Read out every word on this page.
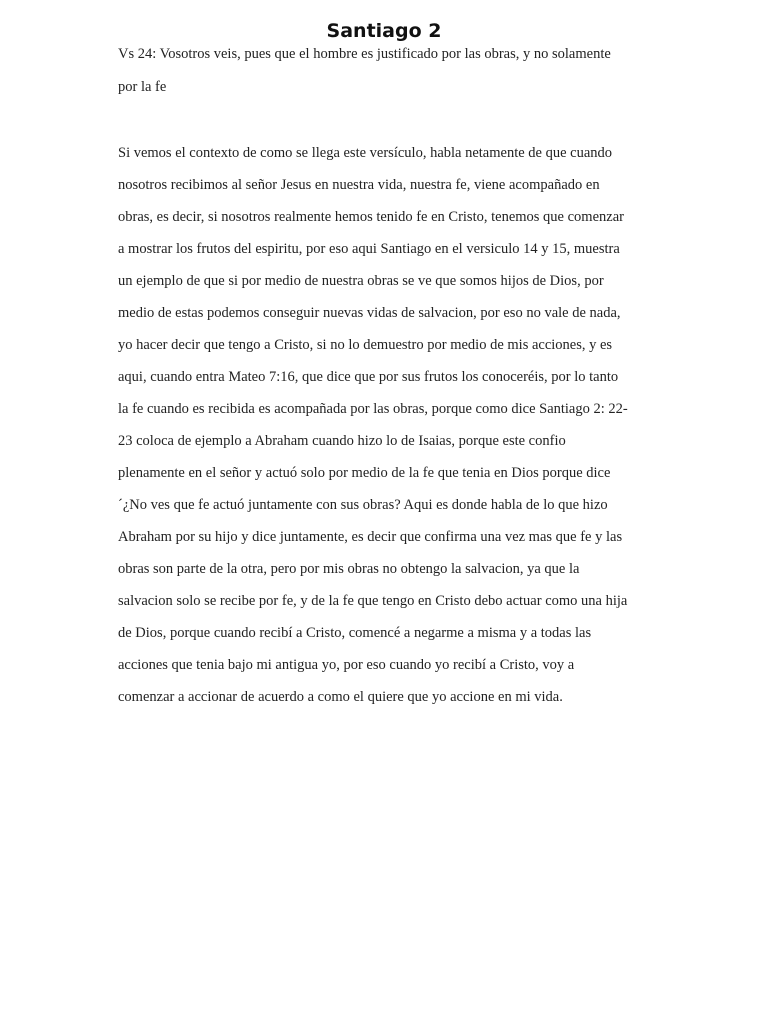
Santiago 2

Vs 24: Vosotros veis, pues que el hombre es justificado por las obras, y no solamente

por la fe

Si vemos el contexto de como se llega este versículo, habla netamente de que cuando

nosotros recibimos al señor Jesus en nuestra vida, nuestra fe, viene acompañado en

obras, es decir, si nosotros realmente hemos tenido fe en Cristo, tenemos que comenzar

a mostrar los frutos del espiritu, por eso aqui Santiago en el versiculo 14 y 15, muestra

un ejemplo de que si por medio de nuestra obras se ve que somos hijos de Dios, por

medio de estas podemos conseguir nuevas vidas de salvacion, por eso no vale de nada,

yo hacer decir que tengo a Cristo, si no lo demuestro por medio de mis acciones, y es

aqui, cuando entra Mateo 7:16, que dice que por sus frutos los conoceréis, por lo tanto

la fe cuando es recibida es acompañada por las obras, porque como dice Santiago 2: 22-

23 coloca de ejemplo a Abraham cuando hizo lo de Isaias, porque este confio

plenamente en el señor y actuó solo por medio de la fe que tenia en Dios porque dice

´¿No ves que fe actuó juntamente con sus obras? Aqui es donde habla de lo que hizo

Abraham por su hijo y dice juntamente, es decir que confirma una vez mas que fe y las

obras son parte de la otra, pero por mis obras no obtengo la salvacion, ya que la

salvacion solo se recibe por fe, y de la fe que tengo en Cristo debo actuar como una hija

de Dios, porque cuando recibí a Cristo, comencé a negarme a misma y a todas las

acciones que tenia bajo mi antigua yo, por eso cuando yo recibí a Cristo, voy a

comenzar a accionar de acuerdo a como el quiere que yo accione en mi vida.
